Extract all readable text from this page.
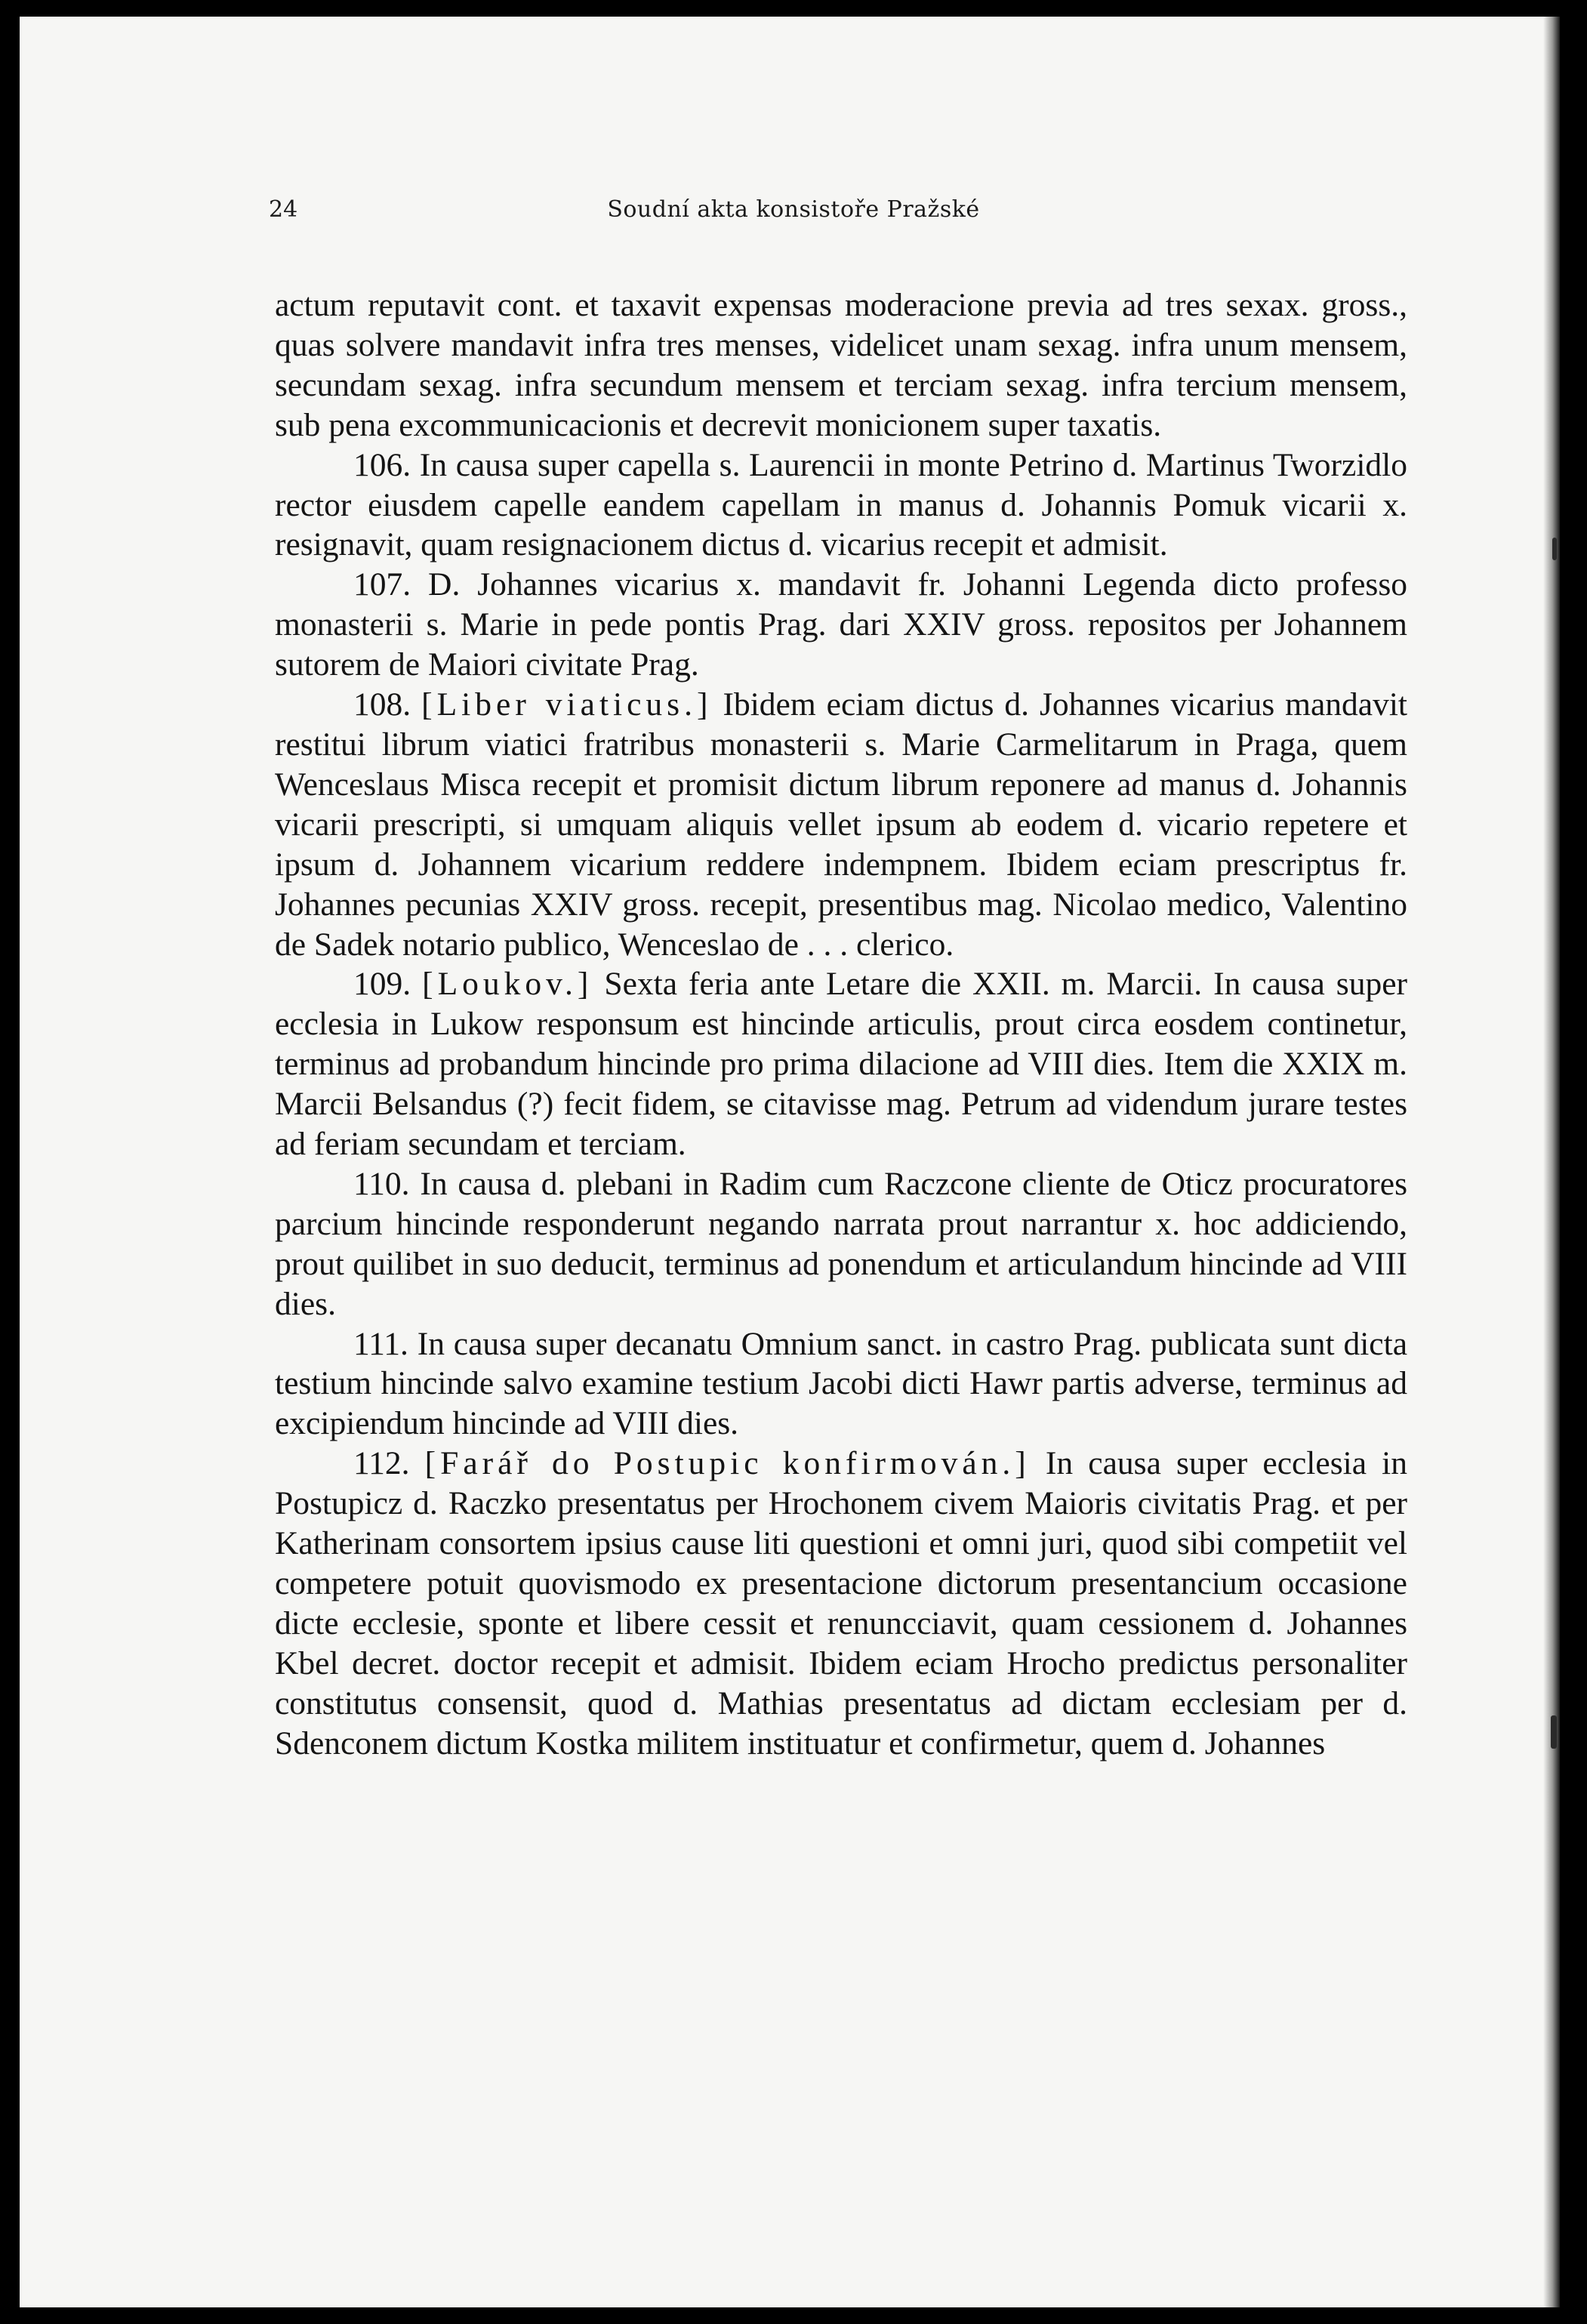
24	Soudní akta konsistoře Pražské

actum reputavit cont. et taxavit expensas moderacione previa ad tres sexax. gross., quas solvere mandavit infra tres menses, videlicet unam sexag. infra unum mensem, secundam sexag. infra secundum mensem et terciam sexag. infra tercium mensem, sub pena excommunicacionis et decrevit monicionem super taxatis.

106. In causa super capella s. Laurencii in monte Petrino d. Martinus Tworzidlo rector eiusdem capelle eandem capellam in manus d. Johannis Pomuk vicarii x. resignavit, quam resignacionem dictus d. vicarius recepit et admisit.

107. D. Johannes vicarius x. mandavit fr. Johanni Legenda dicto professo monasterii s. Marie in pede pontis Prag. dari XXIV gross. repositos per Johannem sutorem de Maiori civitate Prag.

108. [Liber viaticus.] Ibidem eciam dictus d. Johannes vicarius mandavit restitui librum viatici fratribus monasterii s. Marie Carmelitarum in Praga, quem Wenceslaus Misca recepit et promisit dictum librum reponere ad manus d. Johannis vicarii prescripti, si umquam aliquis vellet ipsum ab eodem d. vicario repetere et ipsum d. Johannem vicarium reddere indempnem. Ibidem eciam prescriptus fr. Johannes pecunias XXIV gross. recepit, presentibus mag. Nicolao medico, Valentino de Sadek notario publico, Wenceslao de . . . clerico.

109. [Loukov.] Sexta feria ante Letare die XXII. m. Marcii. In causa super ecclesia in Lukow responsum est hincinde articulis, prout circa eosdem continetur, terminus ad probandum hincinde pro prima dilacione ad VIII dies. Item die XXIX m. Marcii Belsandus (?) fecit fidem, se citavisse mag. Petrum ad videndum jurare testes ad feriam secundam et terciam.

110. In causa d. plebani in Radim cum Raczcone cliente de Oticz procuratores parcium hincinde responderunt negando narrata prout narrantur x. hoc addiciendo, prout quilibet in suo deducit, terminus ad ponendum et articulandum hincinde ad VIII dies.

111. In causa super decanatu Omnium sanct. in castro Prag. publicata sunt dicta testium hincinde salvo examine testium Jacobi dicti Hawr partis adverse, terminus ad excipiendum hincinde ad VIII dies.

112. [Farář do Postupic konfirmován.] In causa super ecclesia in Postupicz d. Raczko presentatus per Hrochonem civem Maioris civitatis Prag. et per Katherinam consortem ipsius cause liti questioni et omni juri, quod sibi competiit vel competere potuit quovismodo ex presentacione dictorum presentancium occasione dicte ecclesie, sponte et libere cessit et renuncciavit, quam cessionem d. Johannes Kbel decret. doctor recepit et admisit. Ibidem eciam Hrocho predictus personaliter constitutus consensit, quod d. Mathias presentatus ad dictam ecclesiam per d. Sdenconem dictum Kostka militem instituatur et confirmetur, quem d. Johannes
